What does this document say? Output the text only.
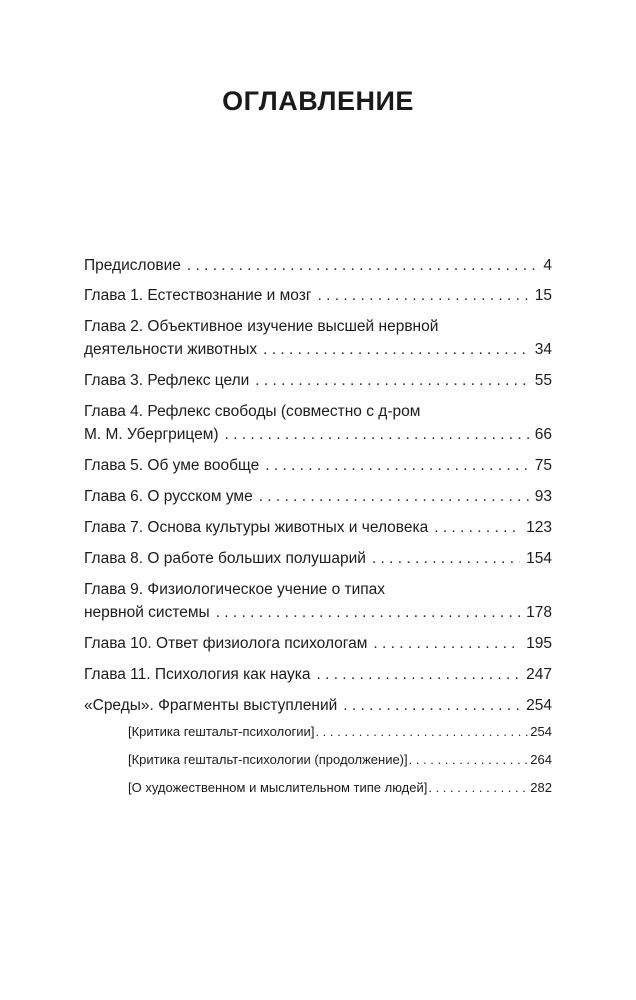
ОГЛАВЛЕНИЕ
Предисловие . . .	4
Глава 1. Естествознание и мозг . . .	15
Глава 2. Объективное изучение высшей нервной
деятельности животных . . .	34
Глава 3. Рефлекс цели . . .	55
Глава 4. Рефлекс свободы (совместно с д-ром
М. М. Убергрицем) . . .	66
Глава 5. Об уме вообще . . .	75
Глава 6. О русском уме . . .	93
Глава 7. Основа культуры животных и человека . . .	123
Глава 8. О работе больших полушарий . . .	154
Глава 9. Физиологическое учение о типах
нервной системы . . .	178
Глава 10. Ответ физиолога психологам . . .	195
Глава 11. Психология как наука . . .	247
«Среды». Фрагменты выступлений . . .	254
[Критика гештальт-психологии] . . .	254
[Критика гештальт-психологии (продолжение)] . . .	264
[О художественном и мыслительном типе людей] . . .	282
